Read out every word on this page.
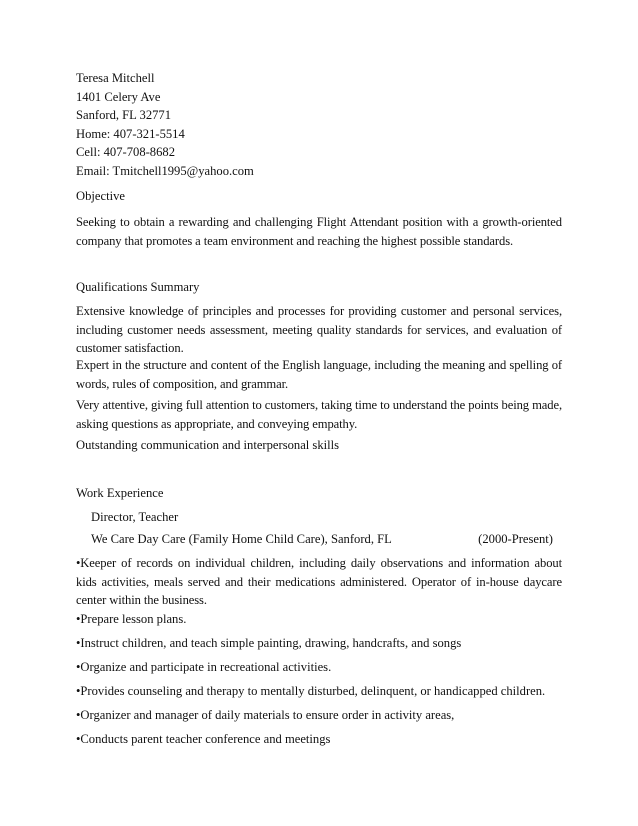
Teresa Mitchell
1401 Celery Ave
Sanford, FL 32771
Home: 407-321-5514
Cell: 407-708-8682
Email: Tmitchell1995@yahoo.com
Objective
Seeking to obtain a rewarding and challenging Flight Attendant position with a growth-oriented company that promotes a team environment and reaching the highest possible standards.
Qualifications Summary
Extensive knowledge of principles and processes for providing customer and personal services, including customer needs assessment, meeting quality standards for services, and evaluation of customer satisfaction.
Expert in the structure and content of the English language, including the meaning and spelling of words, rules of composition, and grammar.
Very attentive, giving full attention to customers, taking time to understand the points being made, asking questions as appropriate, and conveying empathy.
Outstanding communication and interpersonal skills
Work Experience
Director, Teacher
We Care Day Care (Family Home Child Care), Sanford, FL	(2000-Present)
•Keeper of records on individual children, including daily observations and information about kids activities, meals served and their medications administered. Operator of in-house daycare center within the business.
•Prepare lesson plans.
•Instruct children, and teach simple painting, drawing, handcrafts, and songs
•Organize and participate in recreational activities.
•Provides counseling and therapy to mentally disturbed, delinquent, or handicapped children.
•Organizer and manager of daily materials to ensure order in activity areas,
•Conducts parent teacher conference and meetings
